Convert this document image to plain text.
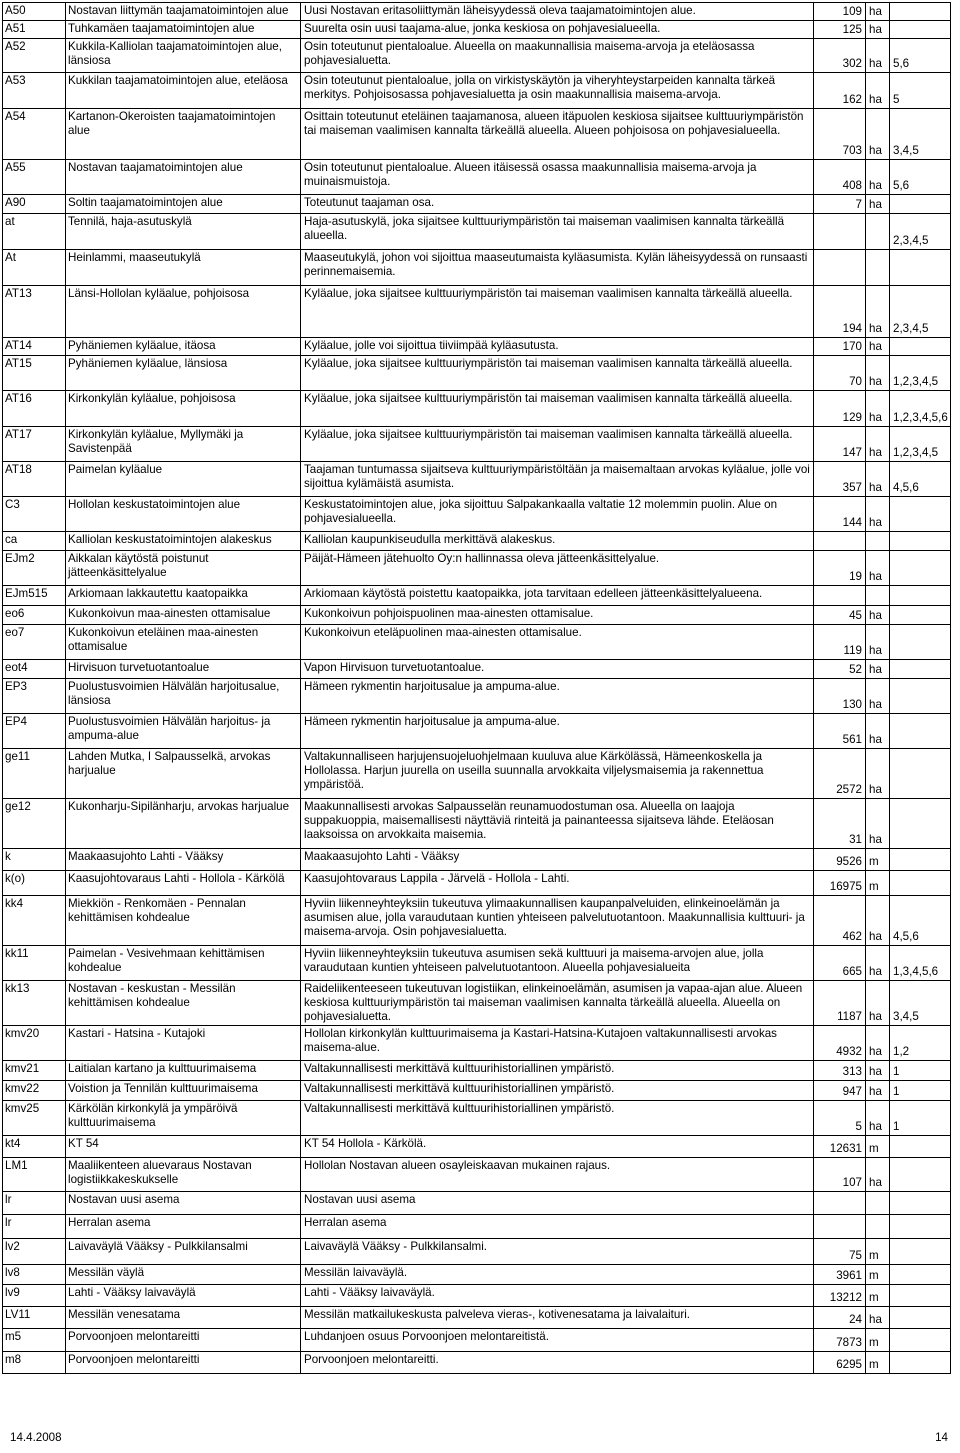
A50	Nostavan liittymän taajamatoimintojen alue	Uusi Nostavan eritasoliittymän läheisyydessä oleva taajamatoimintojen alue.	109	ha	
A51	Tuhkamäen taajamatoimintojen alue	Suurelta osin uusi taajama-alue, jonka keskiosa on pohjavesialueella.	125	ha	
A52	Kukkila-Kalliolan taajamatoimintojen alue, länsiosa	Osin toteutunut pientaloalue. Alueella on maakunnallisia maisema-arvoja ja eteläosassa pohjavesialuetta.	302	ha	5,6
A53	Kukkilan taajamatoimintojen alue, eteläosa	Osin toteutunut pientaloalue, jolla on virkistyskäytön ja viheryhteystarpeiden kannalta tärkeä merkitys. Pohjoisosassa pohjavesialuetta ja osin maakunnallisia maisema-arvoja.	162	ha	5
A54	Kartanon-Okeroisten taajamatoimintojen alue	Osittain toteutunut eteläinen taajamanosa, alueen itäpuolen keskiosa sijaitsee kulttuuriympäristön tai maiseman vaalimisen kannalta tärkeällä alueella. Alueen pohjoisosa on pohjavesialueella.	703	ha	3,4,5
A55	Nostavan taajamatoimintojen alue	Osin toteutunut pientaloalue. Alueen itäisessä osassa maakunnallisia maisema-arvoja ja muinaismuistoja.	408	ha	5,6
A90	Soltin taajamatoimintojen alue	Toteutunut taajaman osa.	7	ha	
at	Tennilä, haja-asutuskylä	Haja-asutuskylä, joka sijaitsee kulttuuriympäristön tai maiseman vaalimisen kannalta tärkeällä alueella.			2,3,4,5
At	Heinlammi, maaseutukylä	Maaseutukylä, johon voi sijoittua maaseutumaista kyläasumista. Kylän läheisyydessä on runsaasti perinnemaisemia.			
AT13	Länsi-Hollolan kyläalue, pohjoisosa	Kyläalue, joka sijaitsee kulttuuriympäristön tai maiseman vaalimisen kannalta tärkeällä alueella.	194	ha	2,3,4,5
AT14	Pyhäniemen kyläalue, itäosa	Kyläalue, jolle voi sijoittua tiiviimpää kyläasutusta.	170	ha	
AT15	Pyhäniemen kyläalue, länsiosa	Kyläalue, joka sijaitsee kulttuuriympäristön tai maiseman vaalimisen kannalta tärkeällä alueella.	70	ha	1,2,3,4,5
AT16	Kirkonkylän kyläalue, pohjoisosa	Kyläalue, joka sijaitsee kulttuuriympäristön tai maiseman vaalimisen kannalta tärkeällä alueella.	129	ha	1,2,3,4,5,6
AT17	Kirkonkylän kyläalue, Myllymäki ja Savistenpää	Kyläalue, joka sijaitsee kulttuuriympäristön tai maiseman vaalimisen kannalta tärkeällä alueella.	147	ha	1,2,3,4,5
AT18	Paimelan kyläalue	Taajaman tuntumassa sijaitseva kulttuuriympäristöltään ja maisemaltaan arvokas kyläalue, jolle voi sijoittua kylämäistä asumista.	357	ha	4,5,6
C3	Hollolan keskustatoimintojen alue	Keskustatoimintojen alue, joka sijoittuu Salpakankaalla valtatie 12 molemmin puolin. Alue on pohjavesialueella.	144	ha	
ca	Kalliolan keskustatoimintojen alakeskus	Kalliolan kaupunkiseudulla merkittävä alakeskus.			
EJm2	Aikkalan käytöstä poistunut jätteenkäsittelyalue	Päijät-Hämeen jätehuolto Oy:n hallinnassa oleva jätteenkäsittelyalue.	19	ha	
EJm515	Arkiomaan lakkautettu kaatopaikka	Arkiomaan käytöstä poistettu kaatopaikka, jota tarvitaan edelleen jätteenkäsittelyalueena.			
eo6	Kukonkoivun maa-ainesten ottamisalue	Kukonkoivun pohjoispuolinen maa-ainesten ottamisalue.	45	ha	
eo7	Kukonkoivun eteläinen maa-ainesten ottamisalue	Kukonkoivun eteläpuolinen maa-ainesten ottamisalue.	119	ha	
eot4	Hirvisuon turvetuotantoalue	Vapon Hirvisuon turvetuotantoalue.	52	ha	
EP3	Puolustusvoimien Hälvälän harjoitusalue, länsiosa	Hämeen rykmentin harjoitusalue ja ampuma-alue.	130	ha	
EP4	Puolustusvoimien Hälvälän harjoitus- ja ampuma-alue	Hämeen rykmentin harjoitusalue ja ampuma-alue.	561	ha	
ge11	Lahden Mutka, I Salpausselkä, arvokas harjualue	Valtakunnalliseen harjujensuojeluohjelmaan kuuluva alue Kärkölässä, Hämeenkoskella ja Hollolassa. Harjun juurella on useilla suunnalla arvokkaita viljelysmaisemia ja rakennettua ympäristöä.	2572	ha	
ge12	Kukonharju-Sipilänharju, arvokas harjualue	Maakunnallisesti arvokas Salpausselän reunamuodostuman osa. Alueella on laajoja suppakuoppia, maisemallisesti näyttäviä rinteitä ja painanteessa sijaitseva lähde. Eteläosan laaksoissa on arvokkaita maisemia.	31	ha	
k	Maakaasujohto Lahti - Vääksy	Maakaasujohto Lahti - Vääksy	9526	m	
k(o)	Kaasujohtovaraus Lahti - Hollola - Kärkölä	Kaasujohtovaraus Lappila - Järvelä - Hollola - Lahti.	16975	m	
kk4	Miekkiön - Renkomäen - Pennalan kehittämisen kohdealue	Hyviin liikenneyhteyksiin tukeutuva ylimaakunnallisen kaupanpalveluiden, elinkeinoelämän ja asumisen alue, jolla varaudutaan kuntien yhteiseen palvelutuotantoon. Maakunnallisia kulttuuri- ja maisema-arvoja. Osin pohjavesialuetta.	462	ha	4,5,6
kk11	Paimelan - Vesivehmaan kehittämisen kohdealue	Hyviin liikenneyhteyksiin tukeutuva asumisen sekä kulttuuri ja maisema-arvojen alue, jolla varaudutaan kuntien yhteiseen palvelutuotantoon. Alueella pohjavesialueita	665	ha	1,3,4,5,6
kk13	Nostavan - keskustan - Messilän kehittämisen kohdealue	Raideliikenteeseen tukeutuvan logistiikan, elinkeinoelämän, asumisen ja vapaa-ajan alue. Alueen keskiosa kulttuuriympäristön tai maiseman vaalimisen kannalta tärkeällä alueella. Alueella on pohjavesialuetta.	1187	ha	3,4,5
kmv20	Kastari - Hatsina - Kutajoki	Hollolan kirkonkylän kulttuurimaisema ja Kastari-Hatsina-Kutajoen valtakunnallisesti arvokas maisema-alue.	4932	ha	1,2
kmv21	Laitialan kartano ja kulttuurimaisema	Valtakunnallisesti merkittävä kulttuurihistoriallinen ympäristö.	313	ha	1
kmv22	Voistion ja Tennilän kulttuurimaisema	Valtakunnallisesti merkittävä kulttuurihistoriallinen ympäristö.	947	ha	1
kmv25	Kärkölän kirkonkylä ja ympäröivä kulttuurimaisema	Valtakunnallisesti merkittävä kulttuurihistoriallinen ympäristö.	5	ha	1
kt4	KT 54	KT 54 Hollola - Kärkölä.	12631	m	
LM1	Maaliikenteen aluevaraus Nostavan logistiikkakeskukselle	Hollolan Nostavan alueen osayleiskaavan mukainen rajaus.	107	ha	
lr	Nostavan uusi asema	Nostavan uusi asema			
lr	Herralan asema	Herralan asema			
lv2	Laivaväylä Vääksy - Pulkkilansalmi	Laivaväylä Vääksy - Pulkkilansalmi.	75	m	
lv8	Messilän väylä	Messilän laivaväylä.	3961	m	
lv9	Lahti - Vääksy laivaväylä	Lahti - Vääksy laivaväylä.	13212	m	
LV11	Messilän venesatama	Messilän matkailukeskusta palveleva vieras-, kotivenesatama ja laivalaituri.	24	ha	
m5	Porvoonjoen melontareitti	Luhdanjoen osuus Porvoonjoen melontareitistä.	7873	m	
m8	Porvoonjoen melontareitti	Porvoonjoen melontareitti.	6295	m	
14.4.2008	14
